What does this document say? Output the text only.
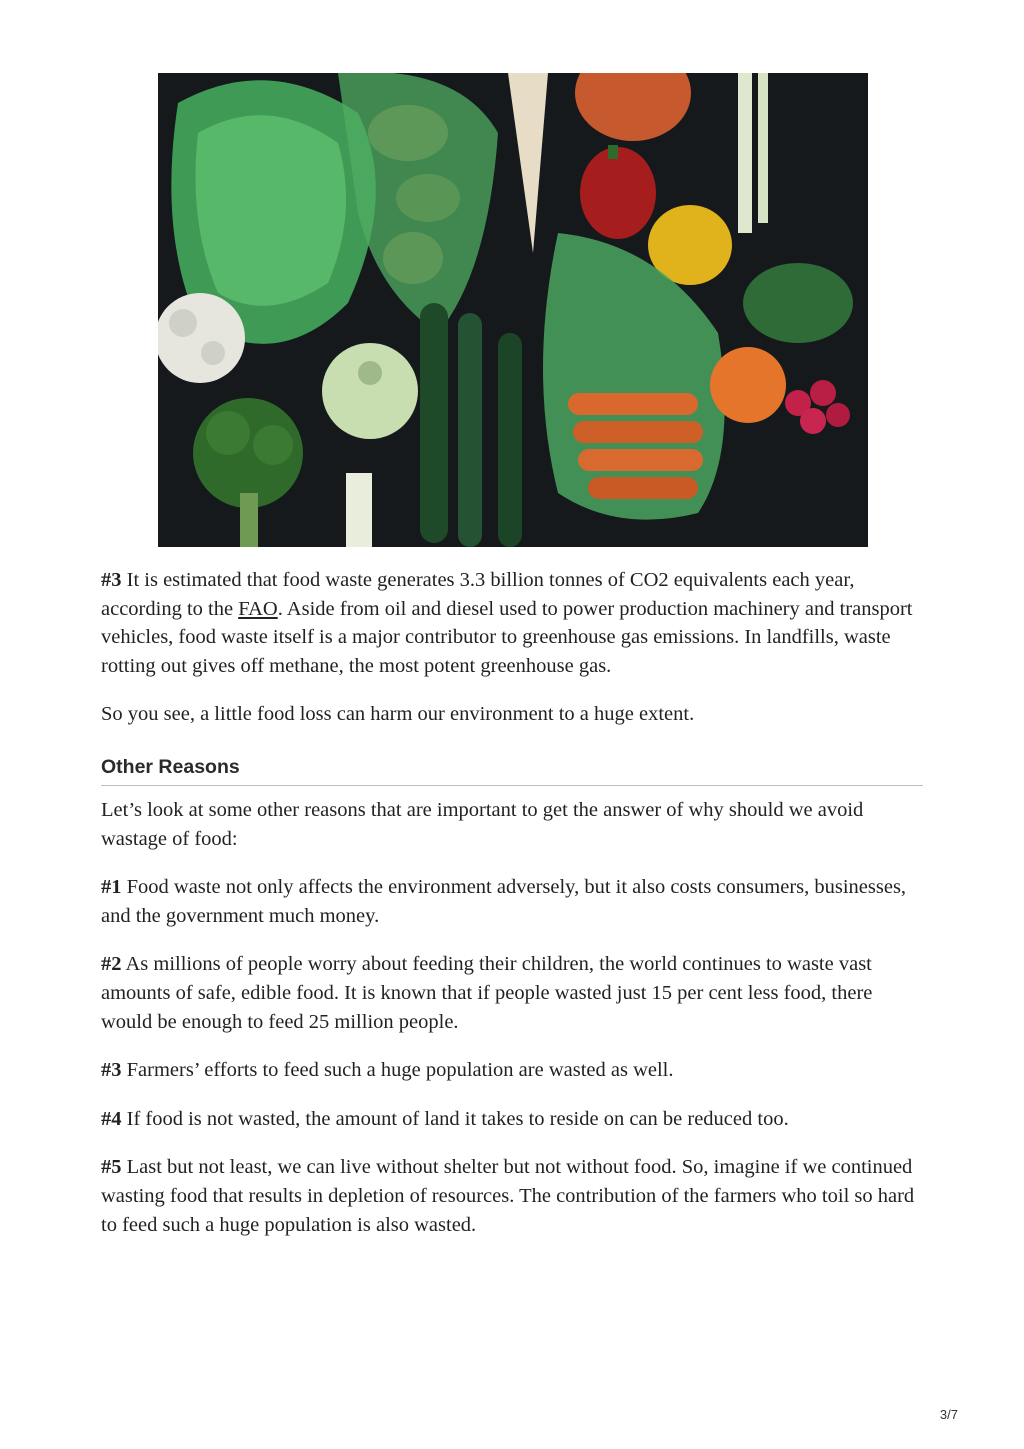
#3 It is estimated that food waste generates 3.3 billion tonnes of CO2 equivalents each year, according to the FAO. Aside from oil and diesel used to power production machinery and transport vehicles, food waste itself is a major contributor to greenhouse gas emissions. In landfills, waste rotting out gives off methane, the most potent greenhouse gas.

So you see, a little food loss can harm our environment to a huge extent.

Other Reasons

Let’s look at some other reasons that are important to get the answer of why should we avoid wastage of food:

#1 Food waste not only affects the environment adversely, but it also costs consumers, businesses, and the government much money.

#2 As millions of people worry about feeding their children, the world continues to waste vast amounts of safe, edible food. It is known that if people wasted just 15 per cent less food, there would be enough to feed 25 million people.

#3 Farmers’ efforts to feed such a huge population are wasted as well.

#4 If food is not wasted, the amount of land it takes to reside on can be reduced too.

#5 Last but not least, we can live without shelter but not without food. So, imagine if we continued wasting food that results in depletion of resources. The contribution of the farmers who toil so hard to feed such a huge population is also wasted.

3/7
